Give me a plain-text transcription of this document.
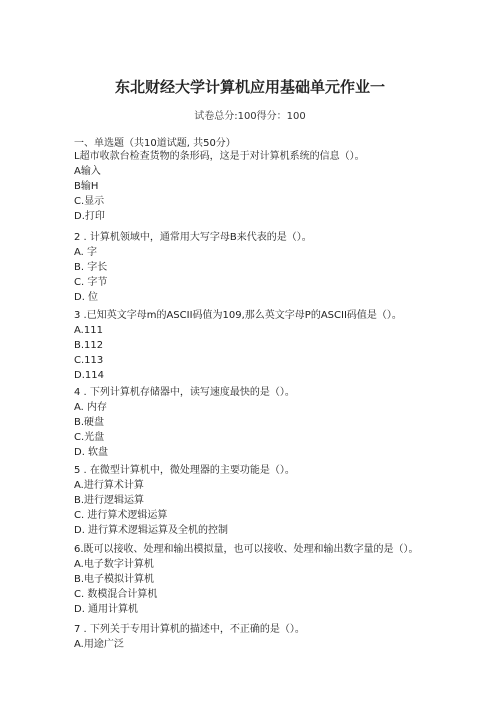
东北财经大学计算机应用基础单元作业一
试卷总分:100得分：100
一、单选题（共10道试题, 共50分）
L超市收款台检查货物的条形码，这是于对计算机系统的信息（）。
A输入
B输H
C.显示
D.打印
2 . 计算机领域中，通常用大写字母B来代表的是（）。
A. 字
B. 字长
C. 字节
D. 位
3 .已知英文字母m的ASCII码值为109,那么英文字母P的ASCII码值是（）。
A.111
B.112
C.113
D.114
4 . 下列计算机存储器中，读写速度最快的是（）。
A. 内存
B.硬盘
C.光盘
D. 软盘
5 . 在微型计算机中，微处理器的主要功能是（）。
A.进行算术计算
B.进行逻辑运算
C. 进行算术逻辑运算
D. 进行算术逻辑运算及全机的控制
6.既可以接收、处理和输出模拟量，也可以接收、处理和输出数字量的是（）。
A.电子数字计算机
B.电子模拟计算机
C. 数模混合计算机
D. 通用计算机
7 . 下列关于专用计算机的描述中，不正确的是（）。
A.用途广泛
